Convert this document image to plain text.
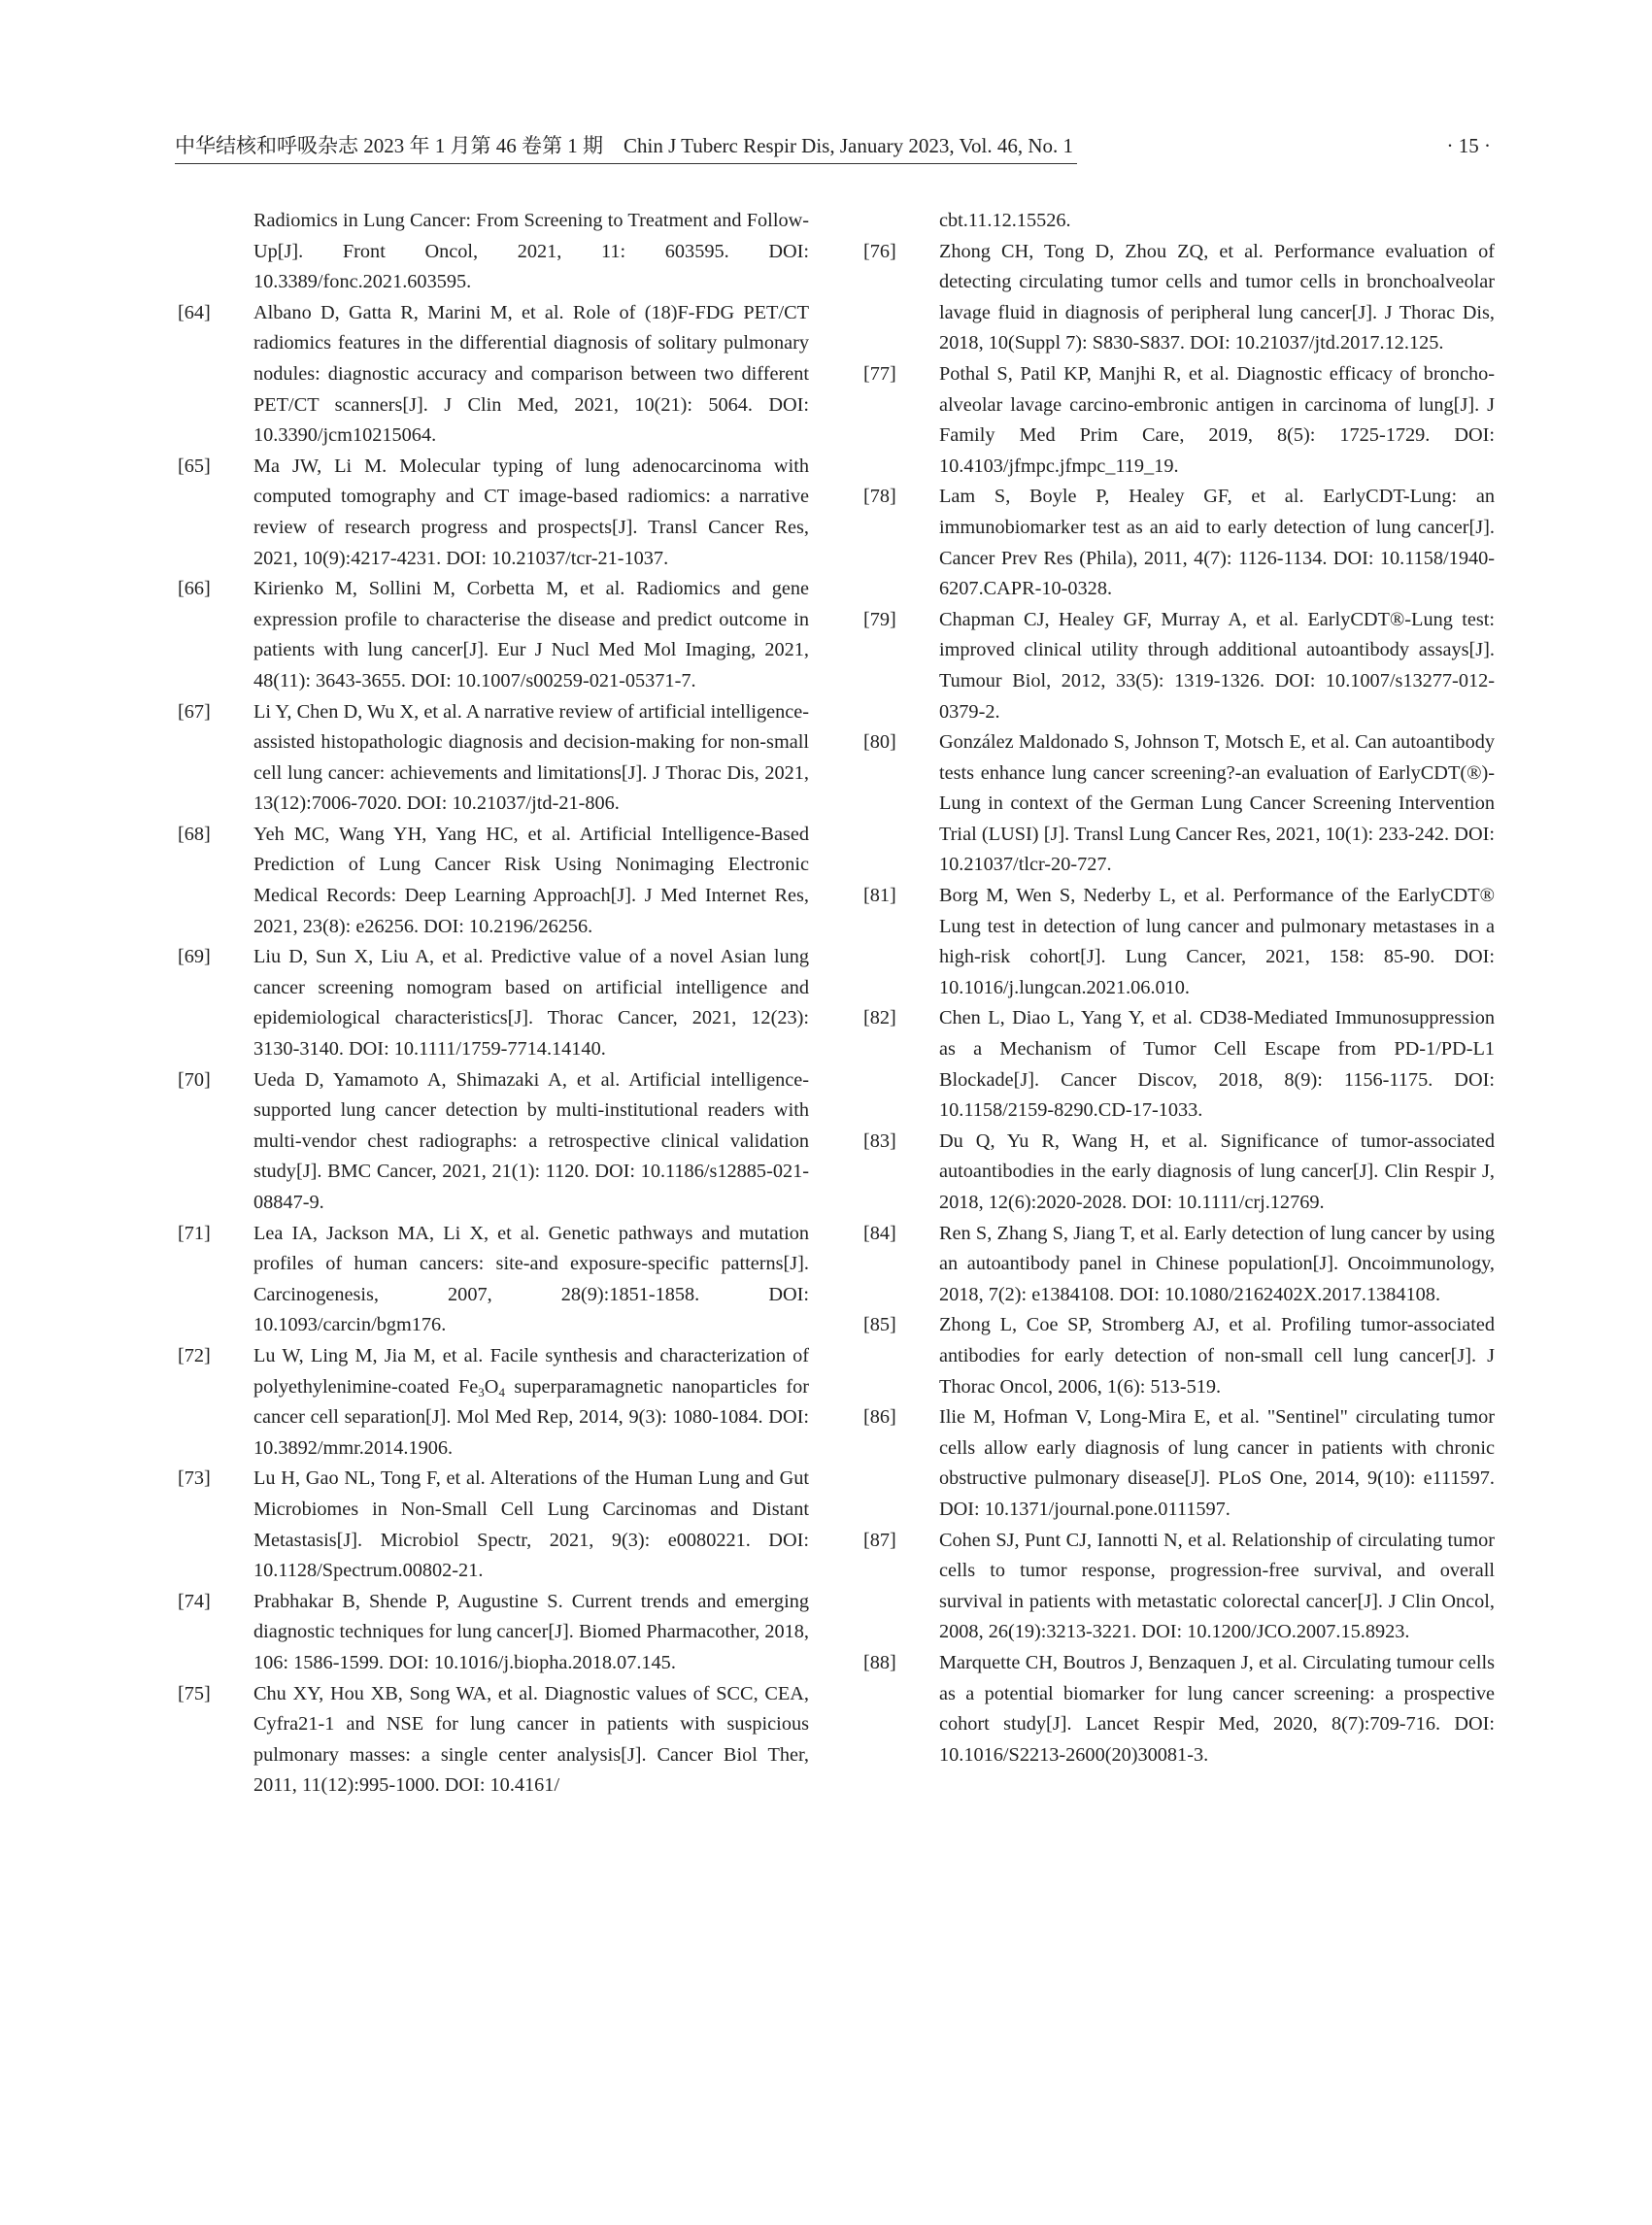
中华结核和呼吸杂志 2023 年 1 月第 46 卷第 1 期　Chin J Tuberc Respir Dis, January 2023, Vol. 46, No. 1	· 15 ·
Radiomics in Lung Cancer: From Screening to Treatment and Follow-Up[J]. Front Oncol, 2021, 11: 603595. DOI: 10.3389/fonc.2021.603595.
[64] Albano D, Gatta R, Marini M, et al. Role of (18)F-FDG PET/CT radiomics features in the differential diagnosis of solitary pulmonary nodules: diagnostic accuracy and comparison between two different PET/CT scanners[J]. J Clin Med, 2021, 10(21): 5064. DOI: 10.3390/jcm10215064.
[65] Ma JW, Li M. Molecular typing of lung adenocarcinoma with computed tomography and CT image-based radiomics: a narrative review of research progress and prospects[J]. Transl Cancer Res, 2021, 10(9):4217-4231. DOI: 10.21037/tcr-21-1037.
[66] Kirienko M, Sollini M, Corbetta M, et al. Radiomics and gene expression profile to characterise the disease and predict outcome in patients with lung cancer[J]. Eur J Nucl Med Mol Imaging, 2021, 48(11): 3643-3655. DOI: 10.1007/s00259-021-05371-7.
[67] Li Y, Chen D, Wu X, et al. A narrative review of artificial intelligence-assisted histopathologic diagnosis and decision-making for non-small cell lung cancer: achievements and limitations[J]. J Thorac Dis, 2021, 13(12):7006-7020. DOI: 10.21037/jtd-21-806.
[68] Yeh MC, Wang YH, Yang HC, et al. Artificial Intelligence-Based Prediction of Lung Cancer Risk Using Nonimaging Electronic Medical Records: Deep Learning Approach[J]. J Med Internet Res, 2021, 23(8): e26256. DOI: 10.2196/26256.
[69] Liu D, Sun X, Liu A, et al. Predictive value of a novel Asian lung cancer screening nomogram based on artificial intelligence and epidemiological characteristics[J]. Thorac Cancer, 2021, 12(23): 3130-3140. DOI: 10.1111/1759-7714.14140.
[70] Ueda D, Yamamoto A, Shimazaki A, et al. Artificial intelligence-supported lung cancer detection by multi-institutional readers with multi-vendor chest radiographs: a retrospective clinical validation study[J]. BMC Cancer, 2021, 21(1): 1120. DOI: 10.1186/s12885-021-08847-9.
[71] Lea IA, Jackson MA, Li X, et al. Genetic pathways and mutation profiles of human cancers: site-and exposure-specific patterns[J]. Carcinogenesis, 2007, 28(9):1851-1858. DOI: 10.1093/carcin/bgm176.
[72] Lu W, Ling M, Jia M, et al. Facile synthesis and characterization of polyethylenimine-coated $Fe_3O_4$ superparamagnetic nanoparticles for cancer cell separation[J]. Mol Med Rep, 2014, 9(3): 1080-1084. DOI: 10.3892/mmr.2014.1906.
[73] Lu H, Gao NL, Tong F, et al. Alterations of the Human Lung and Gut Microbiomes in Non-Small Cell Lung Carcinomas and Distant Metastasis[J]. Microbiol Spectr, 2021, 9(3): e0080221. DOI: 10.1128/Spectrum.00802-21.
[74] Prabhakar B, Shende P, Augustine S. Current trends and emerging diagnostic techniques for lung cancer[J]. Biomed Pharmacother, 2018, 106: 1586-1599. DOI: 10.1016/j.biopha.2018.07.145.
[75] Chu XY, Hou XB, Song WA, et al. Diagnostic values of SCC, CEA, Cyfra21-1 and NSE for lung cancer in patients with suspicious pulmonary masses: a single center analysis[J]. Cancer Biol Ther, 2011, 11(12):995-1000. DOI: 10.4161/
cbt.11.12.15526.
[76] Zhong CH, Tong D, Zhou ZQ, et al. Performance evaluation of detecting circulating tumor cells and tumor cells in bronchoalveolar lavage fluid in diagnosis of peripheral lung cancer[J]. J Thorac Dis, 2018, 10(Suppl 7): S830-S837. DOI: 10.21037/jtd.2017.12.125.
[77] Pothal S, Patil KP, Manjhi R, et al. Diagnostic efficacy of broncho-alveolar lavage carcino-embronic antigen in carcinoma of lung[J]. J Family Med Prim Care, 2019, 8(5): 1725-1729. DOI: 10.4103/jfmpc.jfmpc_119_19.
[78] Lam S, Boyle P, Healey GF, et al. EarlyCDT-Lung: an immunobiomarker test as an aid to early detection of lung cancer[J]. Cancer Prev Res (Phila), 2011, 4(7): 1126-1134. DOI: 10.1158/1940-6207.CAPR-10-0328.
[79] Chapman CJ, Healey GF, Murray A, et al. EarlyCDT®-Lung test: improved clinical utility through additional autoantibody assays[J]. Tumour Biol, 2012, 33(5): 1319-1326. DOI: 10.1007/s13277-012-0379-2.
[80] González Maldonado S, Johnson T, Motsch E, et al. Can autoantibody tests enhance lung cancer screening?-an evaluation of EarlyCDT(®)-Lung in context of the German Lung Cancer Screening Intervention Trial (LUSI) [J]. Transl Lung Cancer Res, 2021, 10(1): 233-242. DOI: 10.21037/tlcr-20-727.
[81] Borg M, Wen S, Nederby L, et al. Performance of the EarlyCDT® Lung test in detection of lung cancer and pulmonary metastases in a high-risk cohort[J]. Lung Cancer, 2021, 158: 85-90. DOI: 10.1016/j.lungcan.2021.06.010.
[82] Chen L, Diao L, Yang Y, et al. CD38-Mediated Immunosuppression as a Mechanism of Tumor Cell Escape from PD-1/PD-L1 Blockade[J]. Cancer Discov, 2018, 8(9): 1156-1175. DOI: 10.1158/2159-8290.CD-17-1033.
[83] Du Q, Yu R, Wang H, et al. Significance of tumor-associated autoantibodies in the early diagnosis of lung cancer[J]. Clin Respir J, 2018, 12(6):2020-2028. DOI: 10.1111/crj.12769.
[84] Ren S, Zhang S, Jiang T, et al. Early detection of lung cancer by using an autoantibody panel in Chinese population[J]. Oncoimmunology, 2018, 7(2): e1384108. DOI: 10.1080/2162402X.2017.1384108.
[85] Zhong L, Coe SP, Stromberg AJ, et al. Profiling tumor-associated antibodies for early detection of non-small cell lung cancer[J]. J Thorac Oncol, 2006, 1(6): 513-519.
[86] Ilie M, Hofman V, Long-Mira E, et al. "Sentinel" circulating tumor cells allow early diagnosis of lung cancer in patients with chronic obstructive pulmonary disease[J]. PLoS One, 2014, 9(10): e111597. DOI: 10.1371/journal.pone.0111597.
[87] Cohen SJ, Punt CJ, Iannotti N, et al. Relationship of circulating tumor cells to tumor response, progression-free survival, and overall survival in patients with metastatic colorectal cancer[J]. J Clin Oncol, 2008, 26(19):3213-3221. DOI: 10.1200/JCO.2007.15.8923.
[88] Marquette CH, Boutros J, Benzaquen J, et al. Circulating tumour cells as a potential biomarker for lung cancer screening: a prospective cohort study[J]. Lancet Respir Med, 2020, 8(7):709-716. DOI: 10.1016/S2213-2600(20)30081-3.
